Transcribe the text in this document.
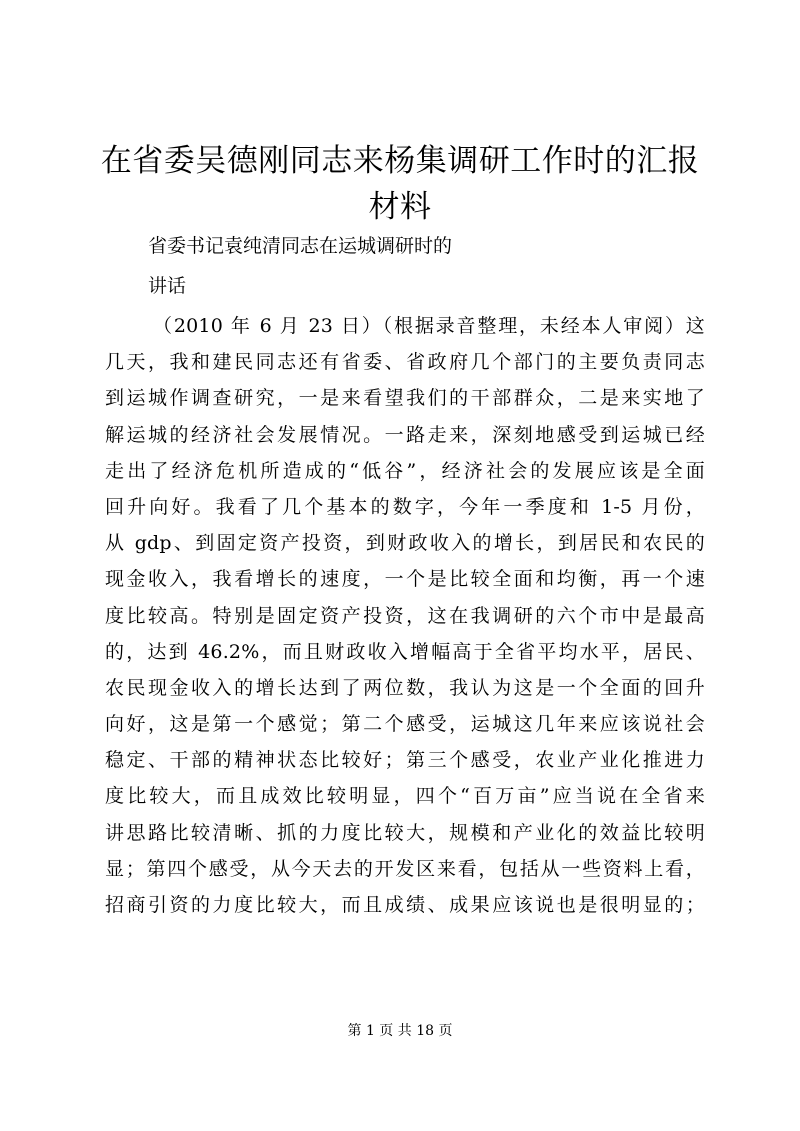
在省委吴德刚同志来杨集调研工作时的汇报材料
省委书记袁纯清同志在运城调研时的
讲话
（2010 年 6 月 23 日）（根据录音整理，未经本人审阅）这
几天，我和建民同志还有省委、省政府几个部门的主要负责同志
到运城作调查研究，一是来看望我们的干部群众，二是来实地了
解运城的经济社会发展情况。一路走来，深刻地感受到运城已经
走出了经济危机所造成的“低谷”，经济社会的发展应该是全面
回升向好。我看了几个基本的数字，今年一季度和 1-5 月份，
从 gdp、到固定资产投资，到财政收入的增长，到居民和农民的
现金收入，我看增长的速度，一个是比较全面和均衡，再一个速
度比较高。特别是固定资产投资，这在我调研的六个市中是最高
的，达到 46.2%，而且财政收入增幅高于全省平均水平，居民、
农民现金收入的增长达到了两位数，我认为这是一个全面的回升
向好，这是第一个感觉；第二个感受，运城这几年来应该说社会
稳定、干部的精神状态比较好；第三个感受，农业产业化推进力
度比较大，而且成效比较明显，四个“百万亩”应当说在全省来
讲思路比较清晰、抓的力度比较大，规模和产业化的效益比较明
显；第四个感受，从今天去的开发区来看，包括从一些资料上看，
招商引资的力度比较大，而且成绩、成果应该说也是很明显的；
第 1 页 共 18 页
